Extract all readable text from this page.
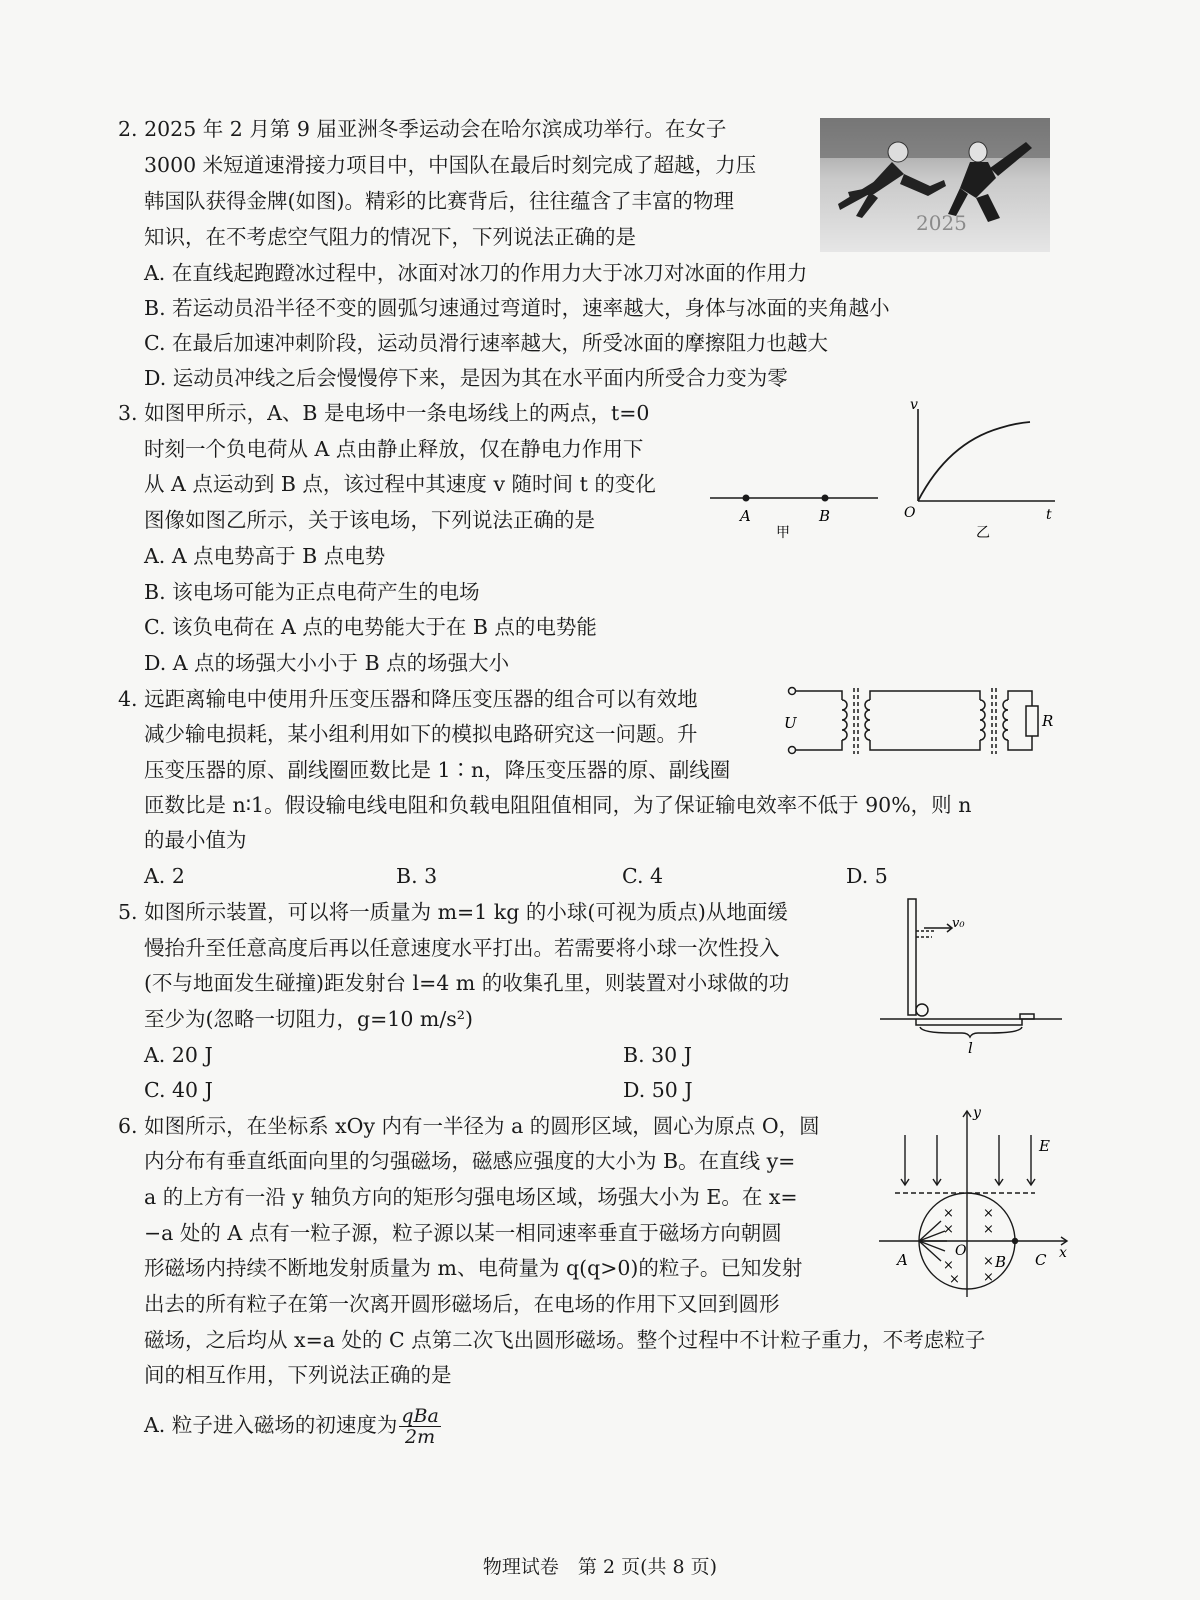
2. 2025 年 2 月第 9 届亚洲冬季运动会在哈尔滨成功举行。在女子
3000 米短道速滑接力项目中，中国队在最后时刻完成了超越，力压
韩国队获得金牌(如图)。精彩的比赛背后，往往蕴含了丰富的物理
知识，在不考虑空气阻力的情况下，下列说法正确的是
A. 在直线起跑蹬冰过程中，冰面对冰刀的作用力大于冰刀对冰面的作用力
B. 若运动员沿半径不变的圆弧匀速通过弯道时，速率越大，身体与冰面的夹角越小
C. 在最后加速冲刺阶段，运动员滑行速率越大，所受冰面的摩擦阻力也越大
D. 运动员冲线之后会慢慢停下来，是因为其在水平面内所受合力变为零
2025
3. 如图甲所示，A、B 是电场中一条电场线上的两点，t=0
时刻一个负电荷从 A 点由静止释放，仅在静电力作用下
从 A 点运动到 B 点，该过程中其速度 v 随时间 t 的变化
图像如图乙所示，关于该电场，下列说法正确的是
A. A 点电势高于 B 点电势
B. 该电场可能为正点电荷产生的电场
C. 该负电荷在 A 点的电势能大于在 B 点的电势能
D. A 点的场强大小小于 B 点的场强大小
A	B
甲
v
O	t
乙
4. 远距离输电中使用升压变压器和降压变压器的组合可以有效地
减少输电损耗，某小组利用如下的模拟电路研究这一问题。升
压变压器的原、副线圈匝数比是 1∶n，降压变压器的原、副线圈
匝数比是 n∶1。假设输电线电阻和负载电阻阻值相同，为了保证输电效率不低于 90%，则 n
的最小值为
A. 2	B. 3	C. 4	D. 5
U	R
5. 如图所示装置，可以将一质量为 m=1 kg 的小球(可视为质点)从地面缓
慢抬升至任意高度后再以任意速度水平打出。若需要将小球一次性投入
(不与地面发生碰撞)距发射台 l=4 m 的收集孔里，则装置对小球做的功
至少为(忽略一切阻力，g=10 m/s²)
A. 20 J	B. 30 J
C. 40 J	D. 50 J
v₀
l
6. 如图所示，在坐标系 xOy 内有一半径为 a 的圆形区域，圆心为原点 O，圆
内分布有垂直纸面向里的匀强磁场，磁感应强度的大小为 B。在直线 y=
a 的上方有一沿 y 轴负方向的矩形匀强电场区域，场强大小为 E。在 x=
−a 处的 A 点有一粒子源，粒子源以某一相同速率垂直于磁场方向朝圆
形磁场内持续不断地发射质量为 m、电荷量为 q(q>0)的粒子。已知发射
出去的所有粒子在第一次离开圆形磁场后，在电场的作用下又回到圆形
磁场，之后均从 x=a 处的 C 点第二次飞出圆形磁场。整个过程中不计粒子重力，不考虑粒子
间的相互作用，下列说法正确的是
A. 粒子进入磁场的初速度为 $\frac{\text{qBa}}{2m}$
× ×
× ×
×
×
×
×
y
x
E
A	O
B C
物理试卷　第 2 页(共 8 页)
